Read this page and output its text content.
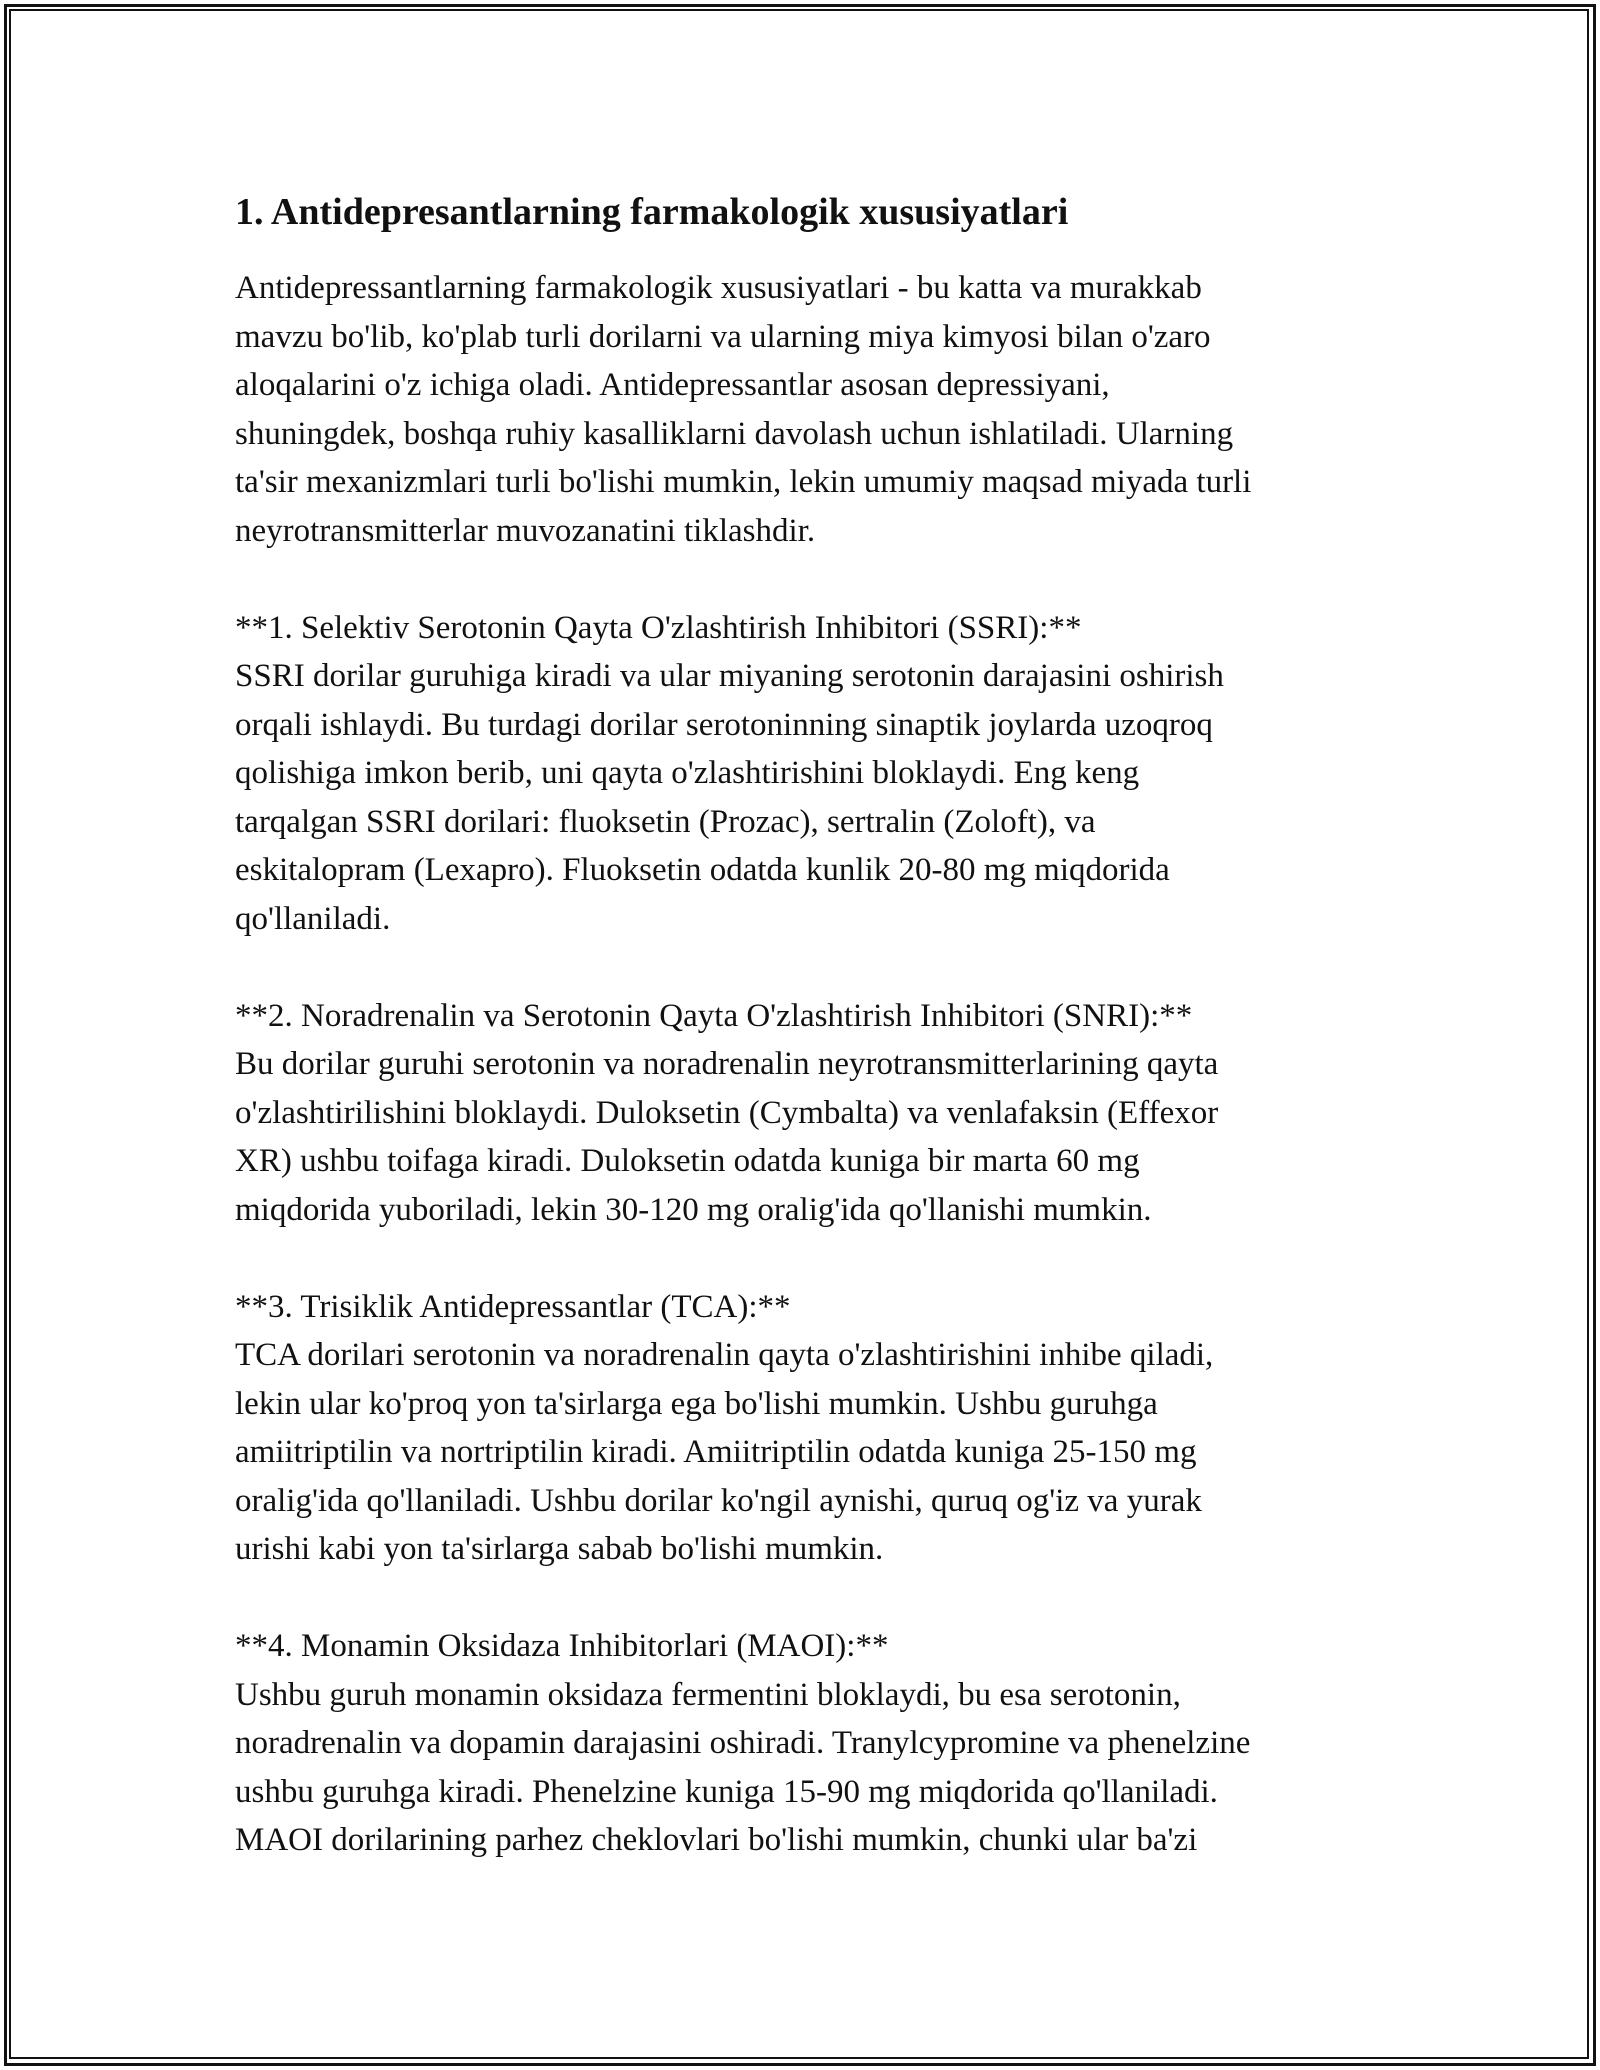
1. Antidepresantlarning farmakologik xususiyatlari

Antidepressantlarning farmakologik xususiyatlari - bu katta va murakkab
mavzu bo'lib, ko'plab turli dorilarni va ularning miya kimyosi bilan o'zaro
aloqalarini o'z ichiga oladi. Antidepressantlar asosan depressiyani,
shuningdek, boshqa ruhiy kasalliklarni davolash uchun ishlatiladi. Ularning
ta'sir mexanizmlari turli bo'lishi mumkin, lekin umumiy maqsad miyada turli
neyrotransmitterlar muvozanatini tiklashdir.

**1. Selektiv Serotonin Qayta O'zlashtirish Inhibitori (SSRI):**
SSRI dorilar guruhiga kiradi va ular miyaning serotonin darajasini oshirish
orqali ishlaydi. Bu turdagi dorilar serotoninning sinaptik joylarda uzoqroq
qolishiga imkon berib, uni qayta o'zlashtirishini bloklaydi. Eng keng
tarqalgan SSRI dorilari: fluoksetin (Prozac), sertralin (Zoloft), va
eskitalopram (Lexapro). Fluoksetin odatda kunlik 20-80 mg miqdorida
qo'llaniladi.

**2. Noradrenalin va Serotonin Qayta O'zlashtirish Inhibitori (SNRI):**
Bu dorilar guruhi serotonin va noradrenalin neyrotransmitterlarining qayta
o'zlashtirilishini bloklaydi. Duloksetin (Cymbalta) va venlafaksin (Effexor
XR) ushbu toifaga kiradi. Duloksetin odatda kuniga bir marta 60 mg
miqdorida yuboriladi, lekin 30-120 mg oralig'ida qo'llanishi mumkin.

**3. Trisiklik Antidepressantlar (TCA):**
TCA dorilari serotonin va noradrenalin qayta o'zlashtirishini inhibe qiladi,
lekin ular ko'proq yon ta'sirlarga ega bo'lishi mumkin. Ushbu guruhga
amiitriptilin va nortriptilin kiradi. Amiitriptilin odatda kuniga 25-150 mg
oralig'ida qo'llaniladi. Ushbu dorilar ko'ngil aynishi, quruq og'iz va yurak
urishi kabi yon ta'sirlarga sabab bo'lishi mumkin.

**4. Monamin Oksidaza Inhibitorlari (MAOI):**
Ushbu guruh monamin oksidaza fermentini bloklaydi, bu esa serotonin,
noradrenalin va dopamin darajasini oshiradi. Tranylcypromine va phenelzine
ushbu guruhga kiradi. Phenelzine kuniga 15-90 mg miqdorida qo'llaniladi.
MAOI dorilarining parhez cheklovlari bo'lishi mumkin, chunki ular ba'zi
